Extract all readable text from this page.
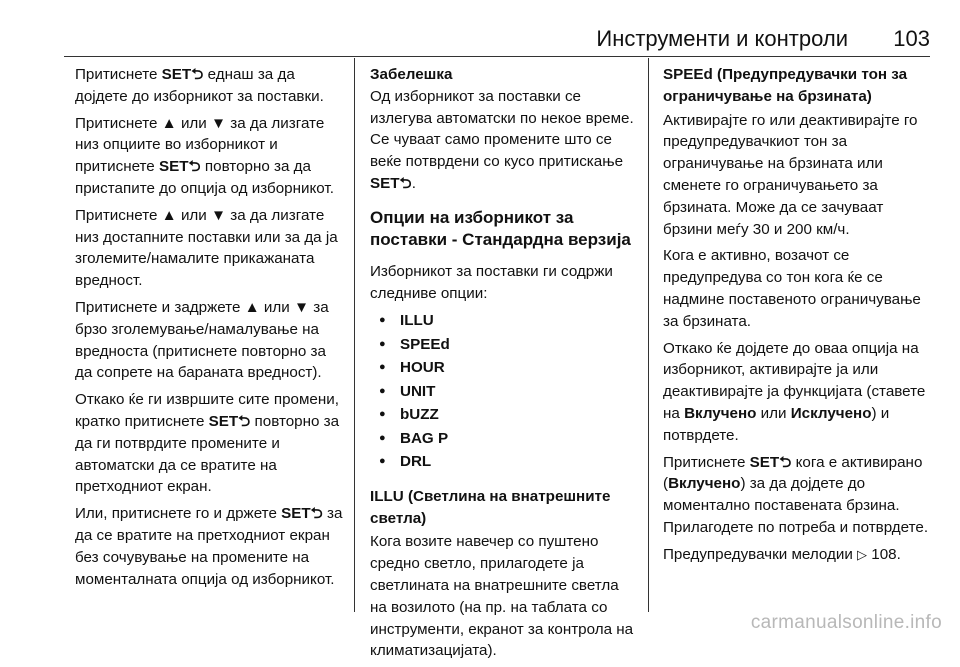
Инструменти и контроли 103

Притиснете SET⮌ еднаш за да дојдете до изборникот за поставки.

Притиснете ▲ или ▼ за да лизгате низ опциите во изборникот и притиснете SET⮌ повторно за да пристапите до опција од изборникот.

Притиснете ▲ или ▼ за да лизгате низ достапните поставки или за да ја зголемите/намалите прикажаната вредност.

Притиснете и задржете ▲ или ▼ за брзо зголемување/намалување на вредноста (притиснете повторно за да сопрете на бараната вредност).

Откако ќе ги извршите сите промени, кратко притиснете SET⮌ повторно за да ги потврдите промените и автоматски да се вратите на претходниот екран.

Или, притиснете го и држете SET⮌ за да се вратите на претходниот екран без сочувување на промените на моменталната опција од изборникот.

Забелешка

Од изборникот за поставки се излегува автоматски по некое време. Се чуваат само промените што се веќе потврдени со кусо притискање SET⮌.

Опции на изборникот за поставки - Стандардна верзија

Изборникот за поставки ги содржи следниве опции:

● ILLU
● SPEEd
● HOUR
● UNIT
● bUZZ
● BAG P
● DRL
ILLU (Светлина на внатрешните светла)

Кога возите навечер со пуштено средно светло, прилагодете ја светлината на внатрешните светла на возилото (на пр. на таблата со инструменти, екранот за контрола на климатизацијата).

SPEEd (Предупредувачки тон за ограничување на брзината)

Активирајте го или деактивирајте го предупредувачкиот тон за ограничување на брзината или сменете го ограничувањето за брзината. Може да се зачуваат брзини меѓу 30 и 200 км/ч.

Кога е активно, возачот се предупредува со тон кога ќе се надмине поставеното ограничување за брзината.

Откако ќе дојдете до оваа опција на изборникот, активирајте ја или деактивирајте ја функцијата (ставете на Вклучено или Исклучено) и потврдете.

Притиснете SET⮌ кога е активирано (Вклучено) за да дојдете до моментално поставената брзина. Прилагодете по потреба и потврдете.

Предупредувачки мелодии ▷ 108.

carmanualsonline.info
